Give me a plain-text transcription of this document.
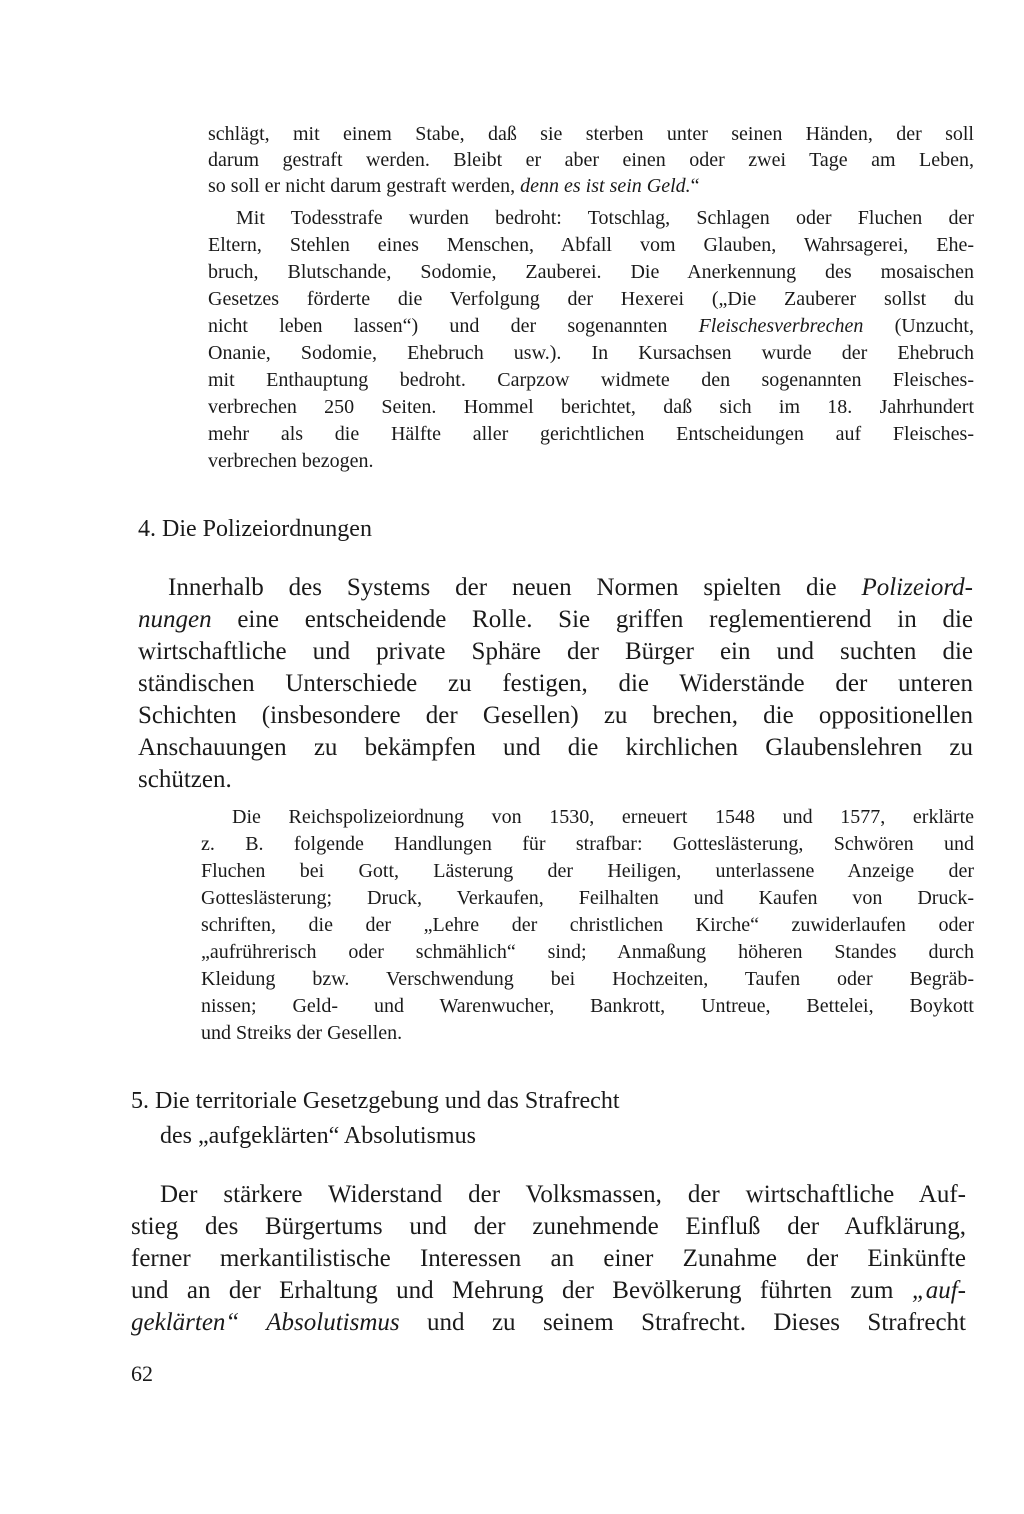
schlägt, mit einem Stabe, daß sie sterben unter seinen Händen, der soll
darum gestraft werden. Bleibt er aber einen oder zwei Tage am Leben,
so soll er nicht darum gestraft werden, denn es ist sein Geld.“
Mit Todesstrafe wurden bedroht: Totschlag, Schlagen oder Fluchen der
Eltern, Stehlen eines Menschen, Abfall vom Glauben, Wahrsagerei, Ehe-
bruch, Blutschande, Sodomie, Zauberei. Die Anerkennung des mosaischen
Gesetzes förderte die Verfolgung der Hexerei („Die Zauberer sollst du
nicht leben lassen“) und der sogenannten Fleischesverbrechen (Unzucht,
Onanie, Sodomie, Ehebruch usw.). In Kursachsen wurde der Ehebruch
mit Enthauptung bedroht. Carpzow widmete den sogenannten Fleisches-
verbrechen 250 Seiten. Hommel berichtet, daß sich im 18. Jahrhundert
mehr als die Hälfte aller gerichtlichen Entscheidungen auf Fleisches-
verbrechen bezogen.
4. Die Polizeiordnungen
Innerhalb des Systems der neuen Normen spielten die Polizeiord-
nungen eine entscheidende Rolle. Sie griffen reglementierend in die
wirtschaftliche und private Sphäre der Bürger ein und suchten die
ständischen Unterschiede zu festigen, die Widerstände der unteren
Schichten (insbesondere der Gesellen) zu brechen, die oppositionellen
Anschauungen zu bekämpfen und die kirchlichen Glaubenslehren zu
schützen.
Die Reichspolizeiordnung von 1530, erneuert 1548 und 1577, erklärte
z. B. folgende Handlungen für strafbar: Gotteslästerung, Schwören und
Fluchen bei Gott, Lästerung der Heiligen, unterlassene Anzeige der
Gotteslästerung; Druck, Verkaufen, Feilhalten und Kaufen von Druck-
schriften, die der „Lehre der christlichen Kirche“ zuwiderlaufen oder
„aufrührerisch oder schmählich“ sind; Anmaßung höheren Standes durch
Kleidung bzw. Verschwendung bei Hochzeiten, Taufen oder Begräb-
nissen; Geld- und Warenwucher, Bankrott, Untreue, Bettelei, Boykott
und Streiks der Gesellen.
5. Die territoriale Gesetzgebung und das Strafrecht
des „aufgeklärten“ Absolutismus
Der stärkere Widerstand der Volksmassen, der wirtschaftliche Auf-
stieg des Bürgertums und der zunehmende Einfluß der Aufklärung,
ferner merkantilistische Interessen an einer Zunahme der Einkünfte
und an der Erhaltung und Mehrung der Bevölkerung führten zum „auf-
geklärten“ Absolutismus und zu seinem Strafrecht. Dieses Strafrecht
62
